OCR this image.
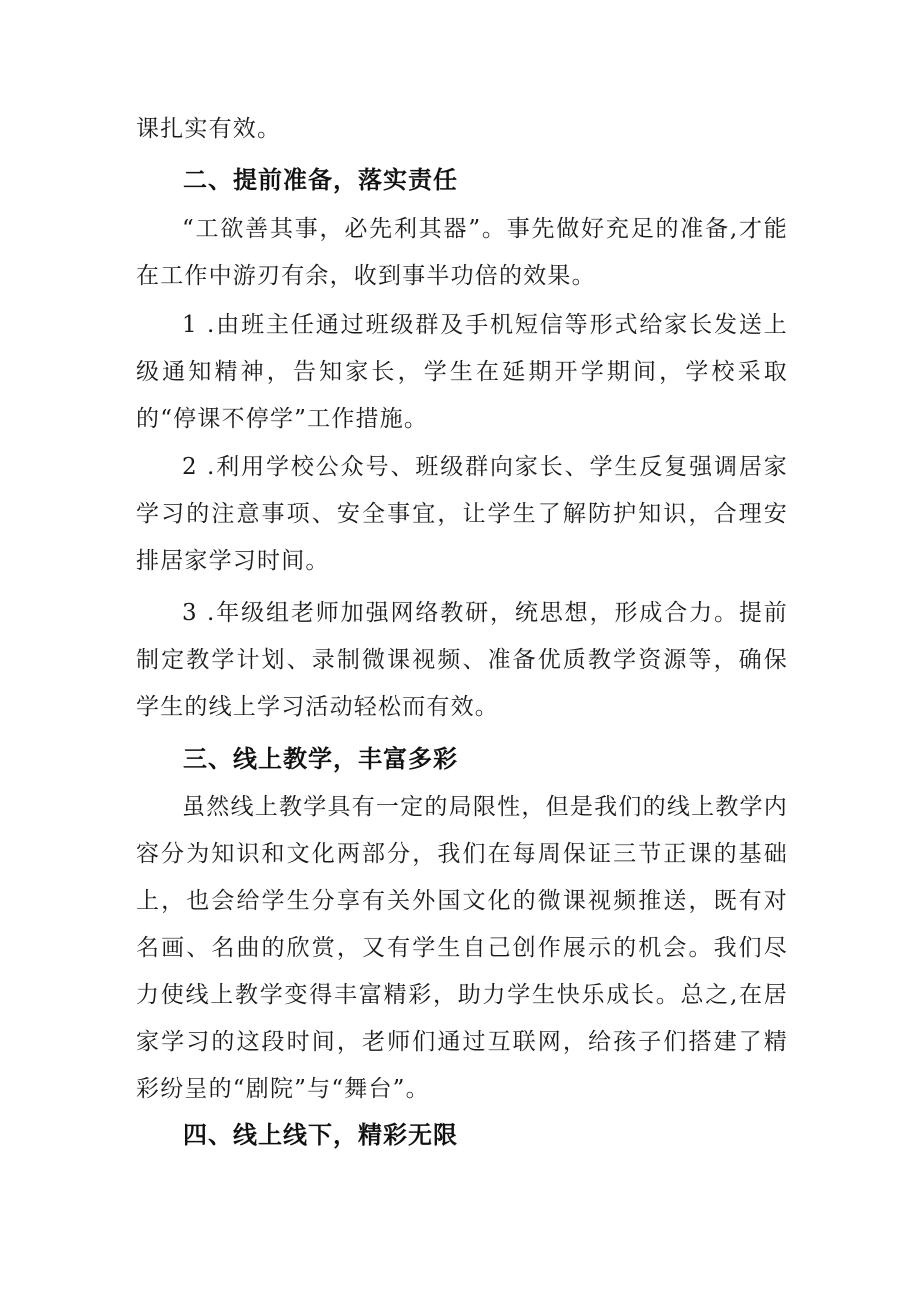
课扎实有效。

二、提前准备，落实责任

“工欲善其事，必先利其器”。事先做好充足的准备,才能在工作中游刃有余，收到事半功倍的效果。

1 .由班主任通过班级群及手机短信等形式给家长发送上级通知精神，告知家长，学生在延期开学期间，学校采取的“停课不停学”工作措施。

2 .利用学校公众号、班级群向家长、学生反复强调居家学习的注意事项、安全事宜，让学生了解防护知识，合理安排居家学习时间。

3 .年级组老师加强网络教研，统思想，形成合力。提前制定教学计划、录制微课视频、准备优质教学资源等，确保学生的线上学习活动轻松而有效。

三、线上教学，丰富多彩

虽然线上教学具有一定的局限性，但是我们的线上教学内容分为知识和文化两部分，我们在每周保证三节正课的基础上，也会给学生分享有关外国文化的微课视频推送，既有对名画、名曲的欣赏，又有学生自己创作展示的机会。我们尽力使线上教学变得丰富精彩，助力学生快乐成长。总之,在居家学习的这段时间，老师们通过互联网，给孩子们搭建了精彩纷呈的“剧院”与“舞台”。

四、线上线下，精彩无限
